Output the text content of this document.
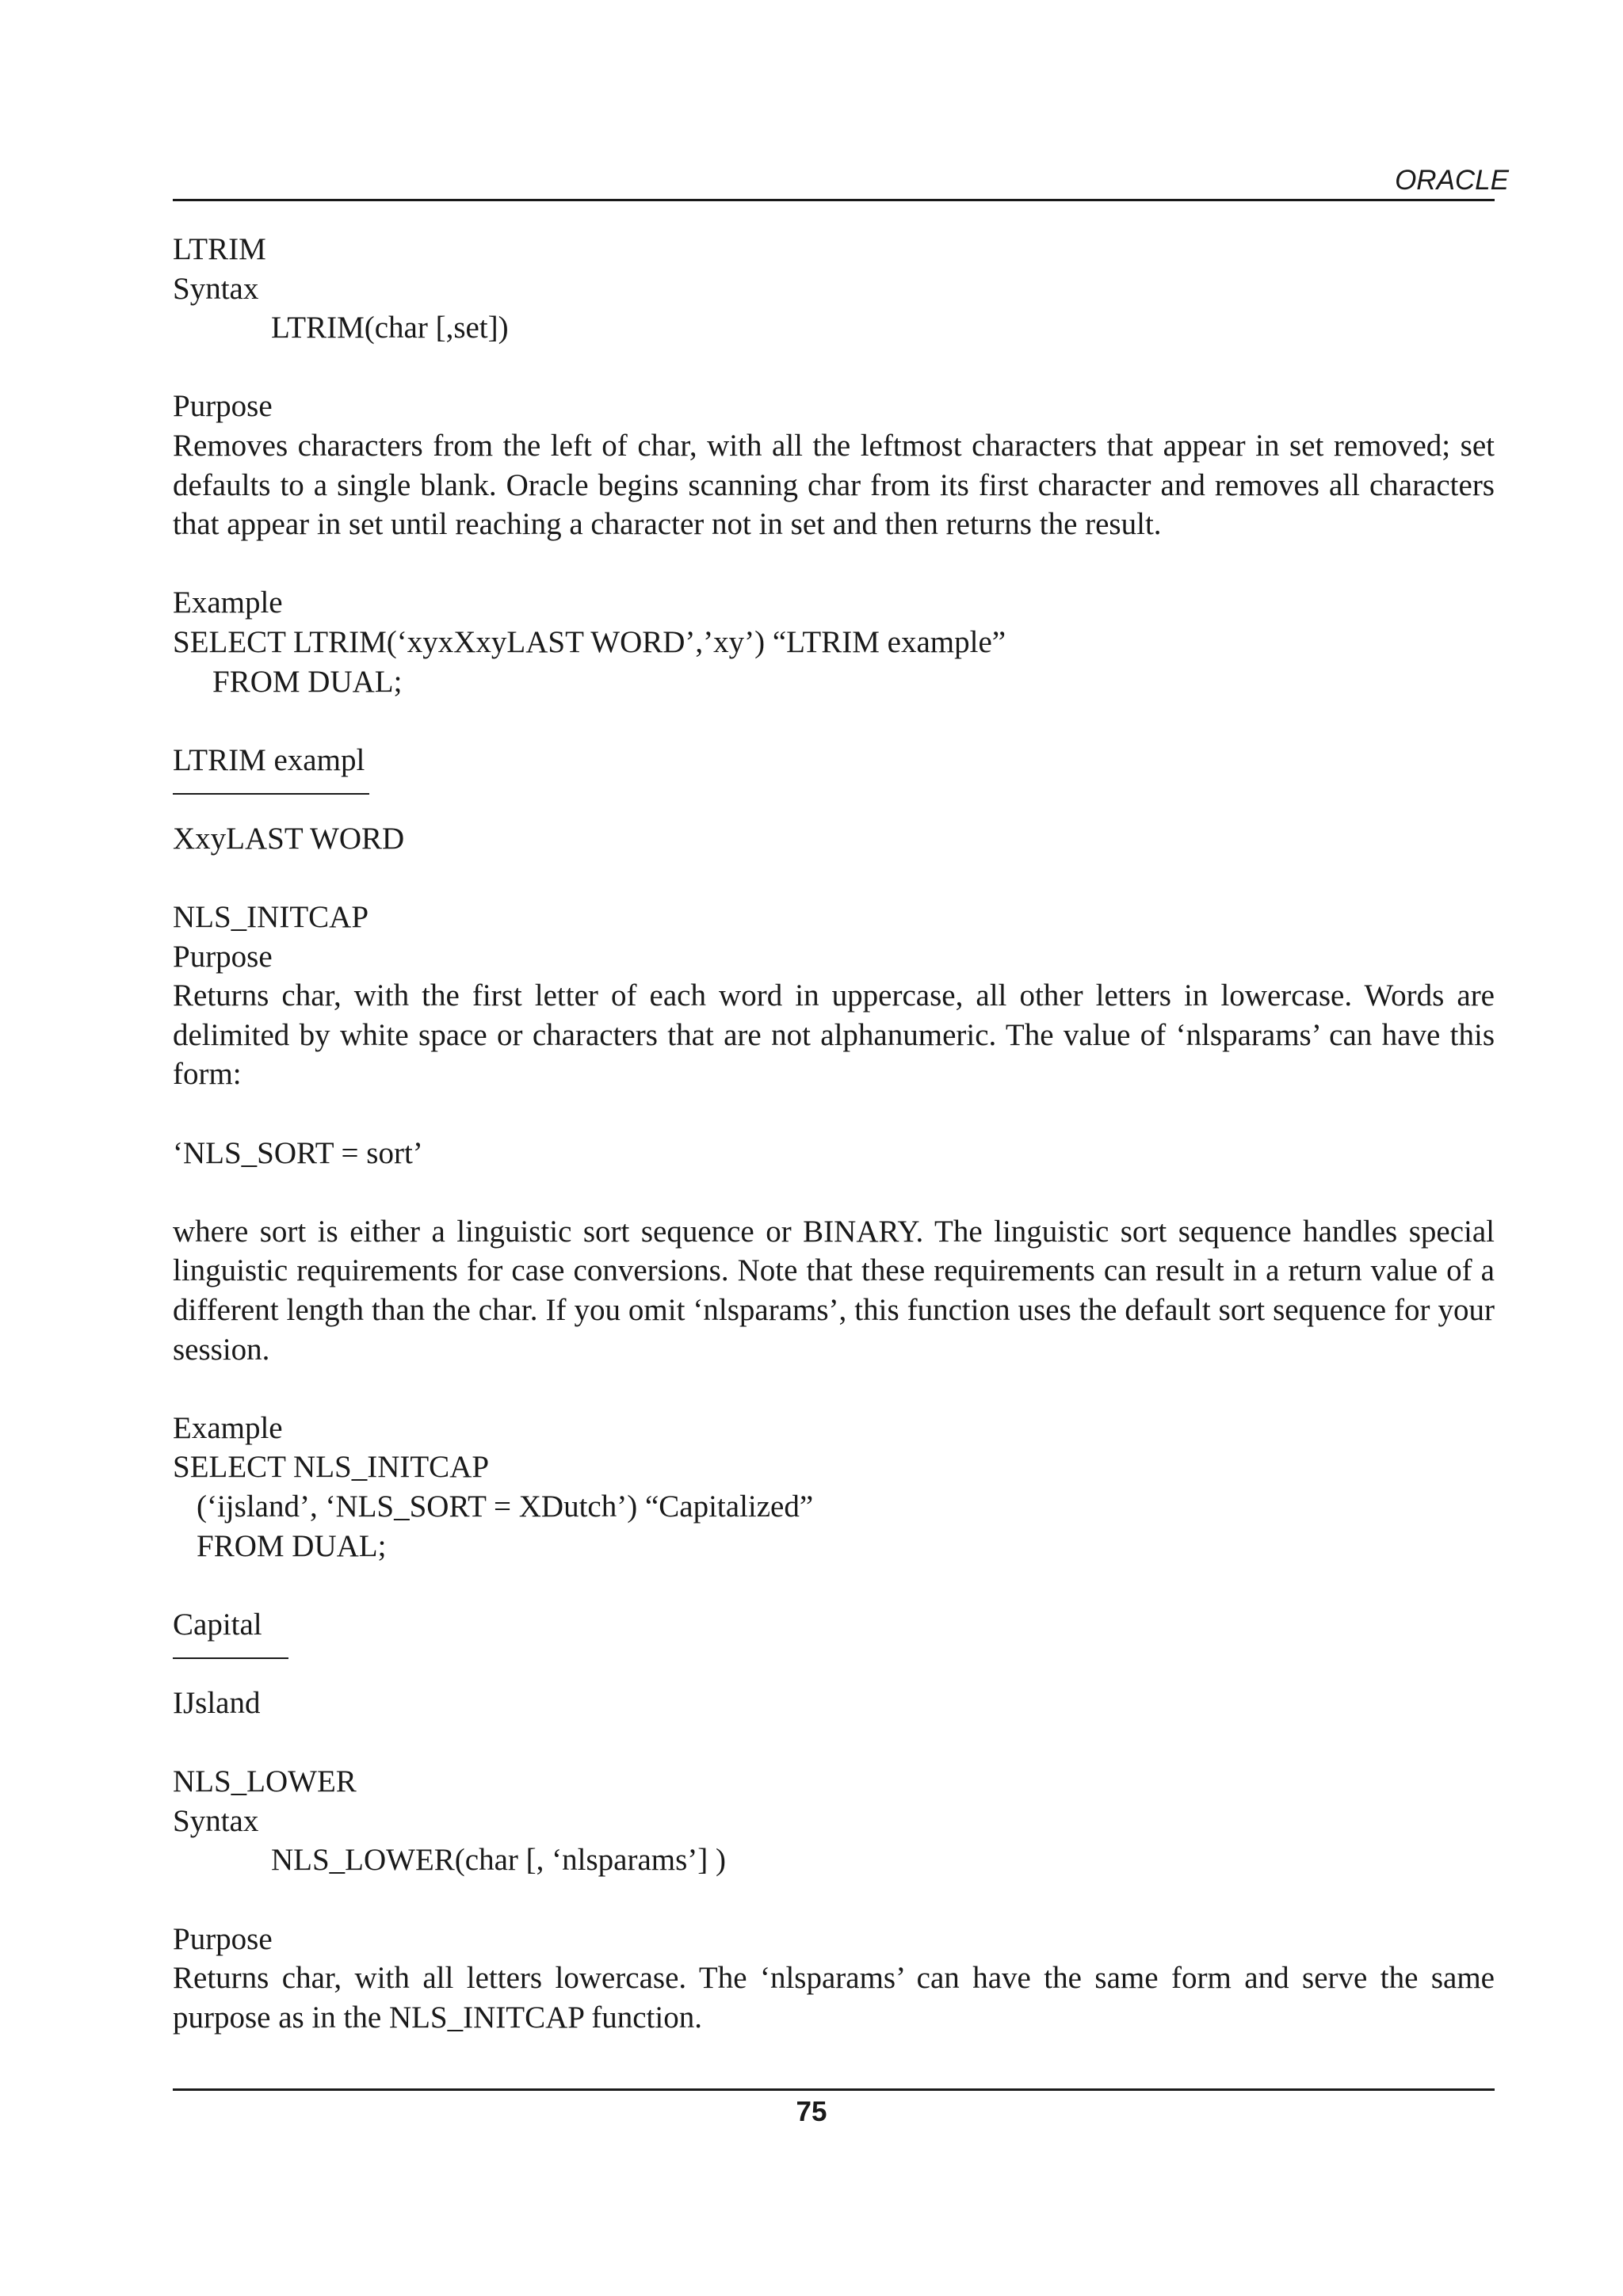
ORACLE

LTRIM

Syntax

LTRIM(char [,set])

Purpose

Removes characters from the left of char, with all the leftmost characters that appear in set removed; set defaults to a single blank. Oracle begins scanning char from its first character and removes all characters that appear in set until reaching a character not in set and then returns the result.

Example

SELECT LTRIM(‘xyxXxyLAST WORD’,’xy’) “LTRIM example”

FROM DUAL;

LTRIM exampl

XxyLAST WORD

NLS_INITCAP

Purpose

Returns char, with the first letter of each word in uppercase, all other letters in lowercase. Words are delimited by white space or characters that are not alphanumeric. The value of ‘nlsparams’ can have this form:

‘NLS_SORT = sort’

where sort is either a linguistic sort sequence or BINARY. The linguistic sort sequence handles special linguistic requirements for case conversions. Note that these requirements can result in a return value of a different length than the char. If you omit ‘nlsparams’, this function uses the default sort sequence for your session.

Example

SELECT NLS_INITCAP

(‘ijsland’, ‘NLS_SORT = XDutch’) “Capitalized”

FROM DUAL;

Capital

IJsland

NLS_LOWER

Syntax

NLS_LOWER(char [, ‘nlsparams’] )

Purpose

Returns char, with all letters lowercase. The ‘nlsparams’ can have the same form and serve the same purpose as in the NLS_INITCAP function.

75
